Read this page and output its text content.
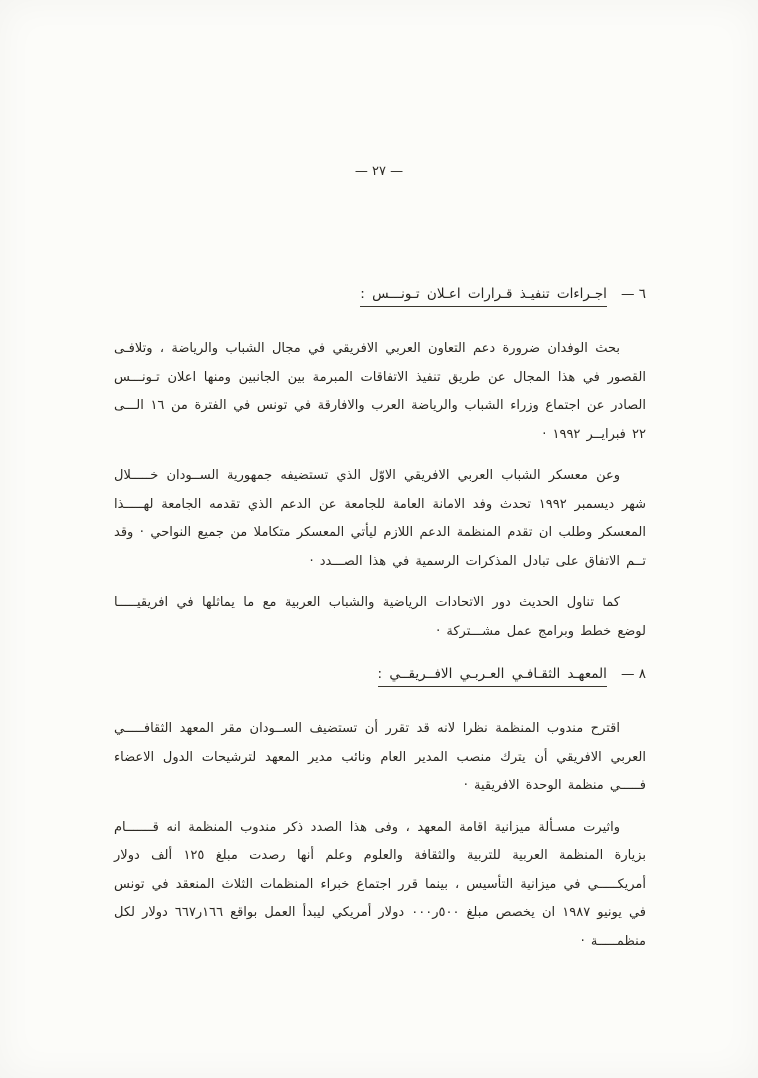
— ٢٧ —
٦ —
اجـراءات تنفيـذ قـرارات اعـلان تـونـــس :

بحث الوفدان ضرورة دعم التعاون العربي الافريقي في مجال الشباب والرياضة ، وتلافـى القصور في هذا المجال عن طريق تنفيذ الاتفاقات المبرمة بين الجانبين ومنها اعلان تـونـــس الصادر عن اجتماع وزراء الشباب والرياضة العرب والافارقة في تونس في الفترة من ١٦ الـــى ٢٢ فبرايــر ١٩٩٢ ·

وعن معسكر الشباب العربي الافريقي الاوّل الذي تستضيفه جمهورية الســودان خـــــلال شهر ديسمبر ١٩٩٢ تحدث وفد الامانة العامة للجامعة عن الدعم الذي تقدمه الجامعة لهـــــذا المعسكر وطلب ان تقدم المنظمة الدعم اللازم ليأتي المعسكر متكاملا من جميع النواحي · وقد تــم الاتفاق على تبادل المذكرات الرسمية في هذا الصـــدد ·

كما تناول الحديث دور الاتحادات الرياضية والشباب العربية مع ما يماثلها في افريقيـــــا لوضع خطط وبرامج عمل مشـــتركة ·

٨ —
المعهـد الثقـافـي العـربـي الافــريقــي :

اقترح مندوب المنظمة نظرا لانه قد تقرر أن تستضيف الســودان مقر المعهد الثقافـــــي العربي الافريقي أن يترك منصب المدير العام ونائب مدير المعهد لترشيحات الدول الاعضاء فـــــي منظمة الوحدة الافريقية ·

واثيرت مسـألة ميزانية اقامة المعهد ، وفى هذا الصدد ذكر مندوب المنظمة انه قـــــــام بزيارة المنظمة العربية للتربية والثقافة والعلوم وعلم أنها رصدت مبلغ ١٢٥ ألف دولار أمريكـــــي في ميزانية التأسيس ، بينما قرر اجتماع خبراء المنظمات الثلاث المنعقد في تونس في يونيو ١٩٨٧ ان يخصص مبلغ ٥٠٠ر٠٠٠ دولار أمريكي ليبدأ العمل بواقع ١٦٦ر٦٦٧ دولار لكل منظمـــــة ·
